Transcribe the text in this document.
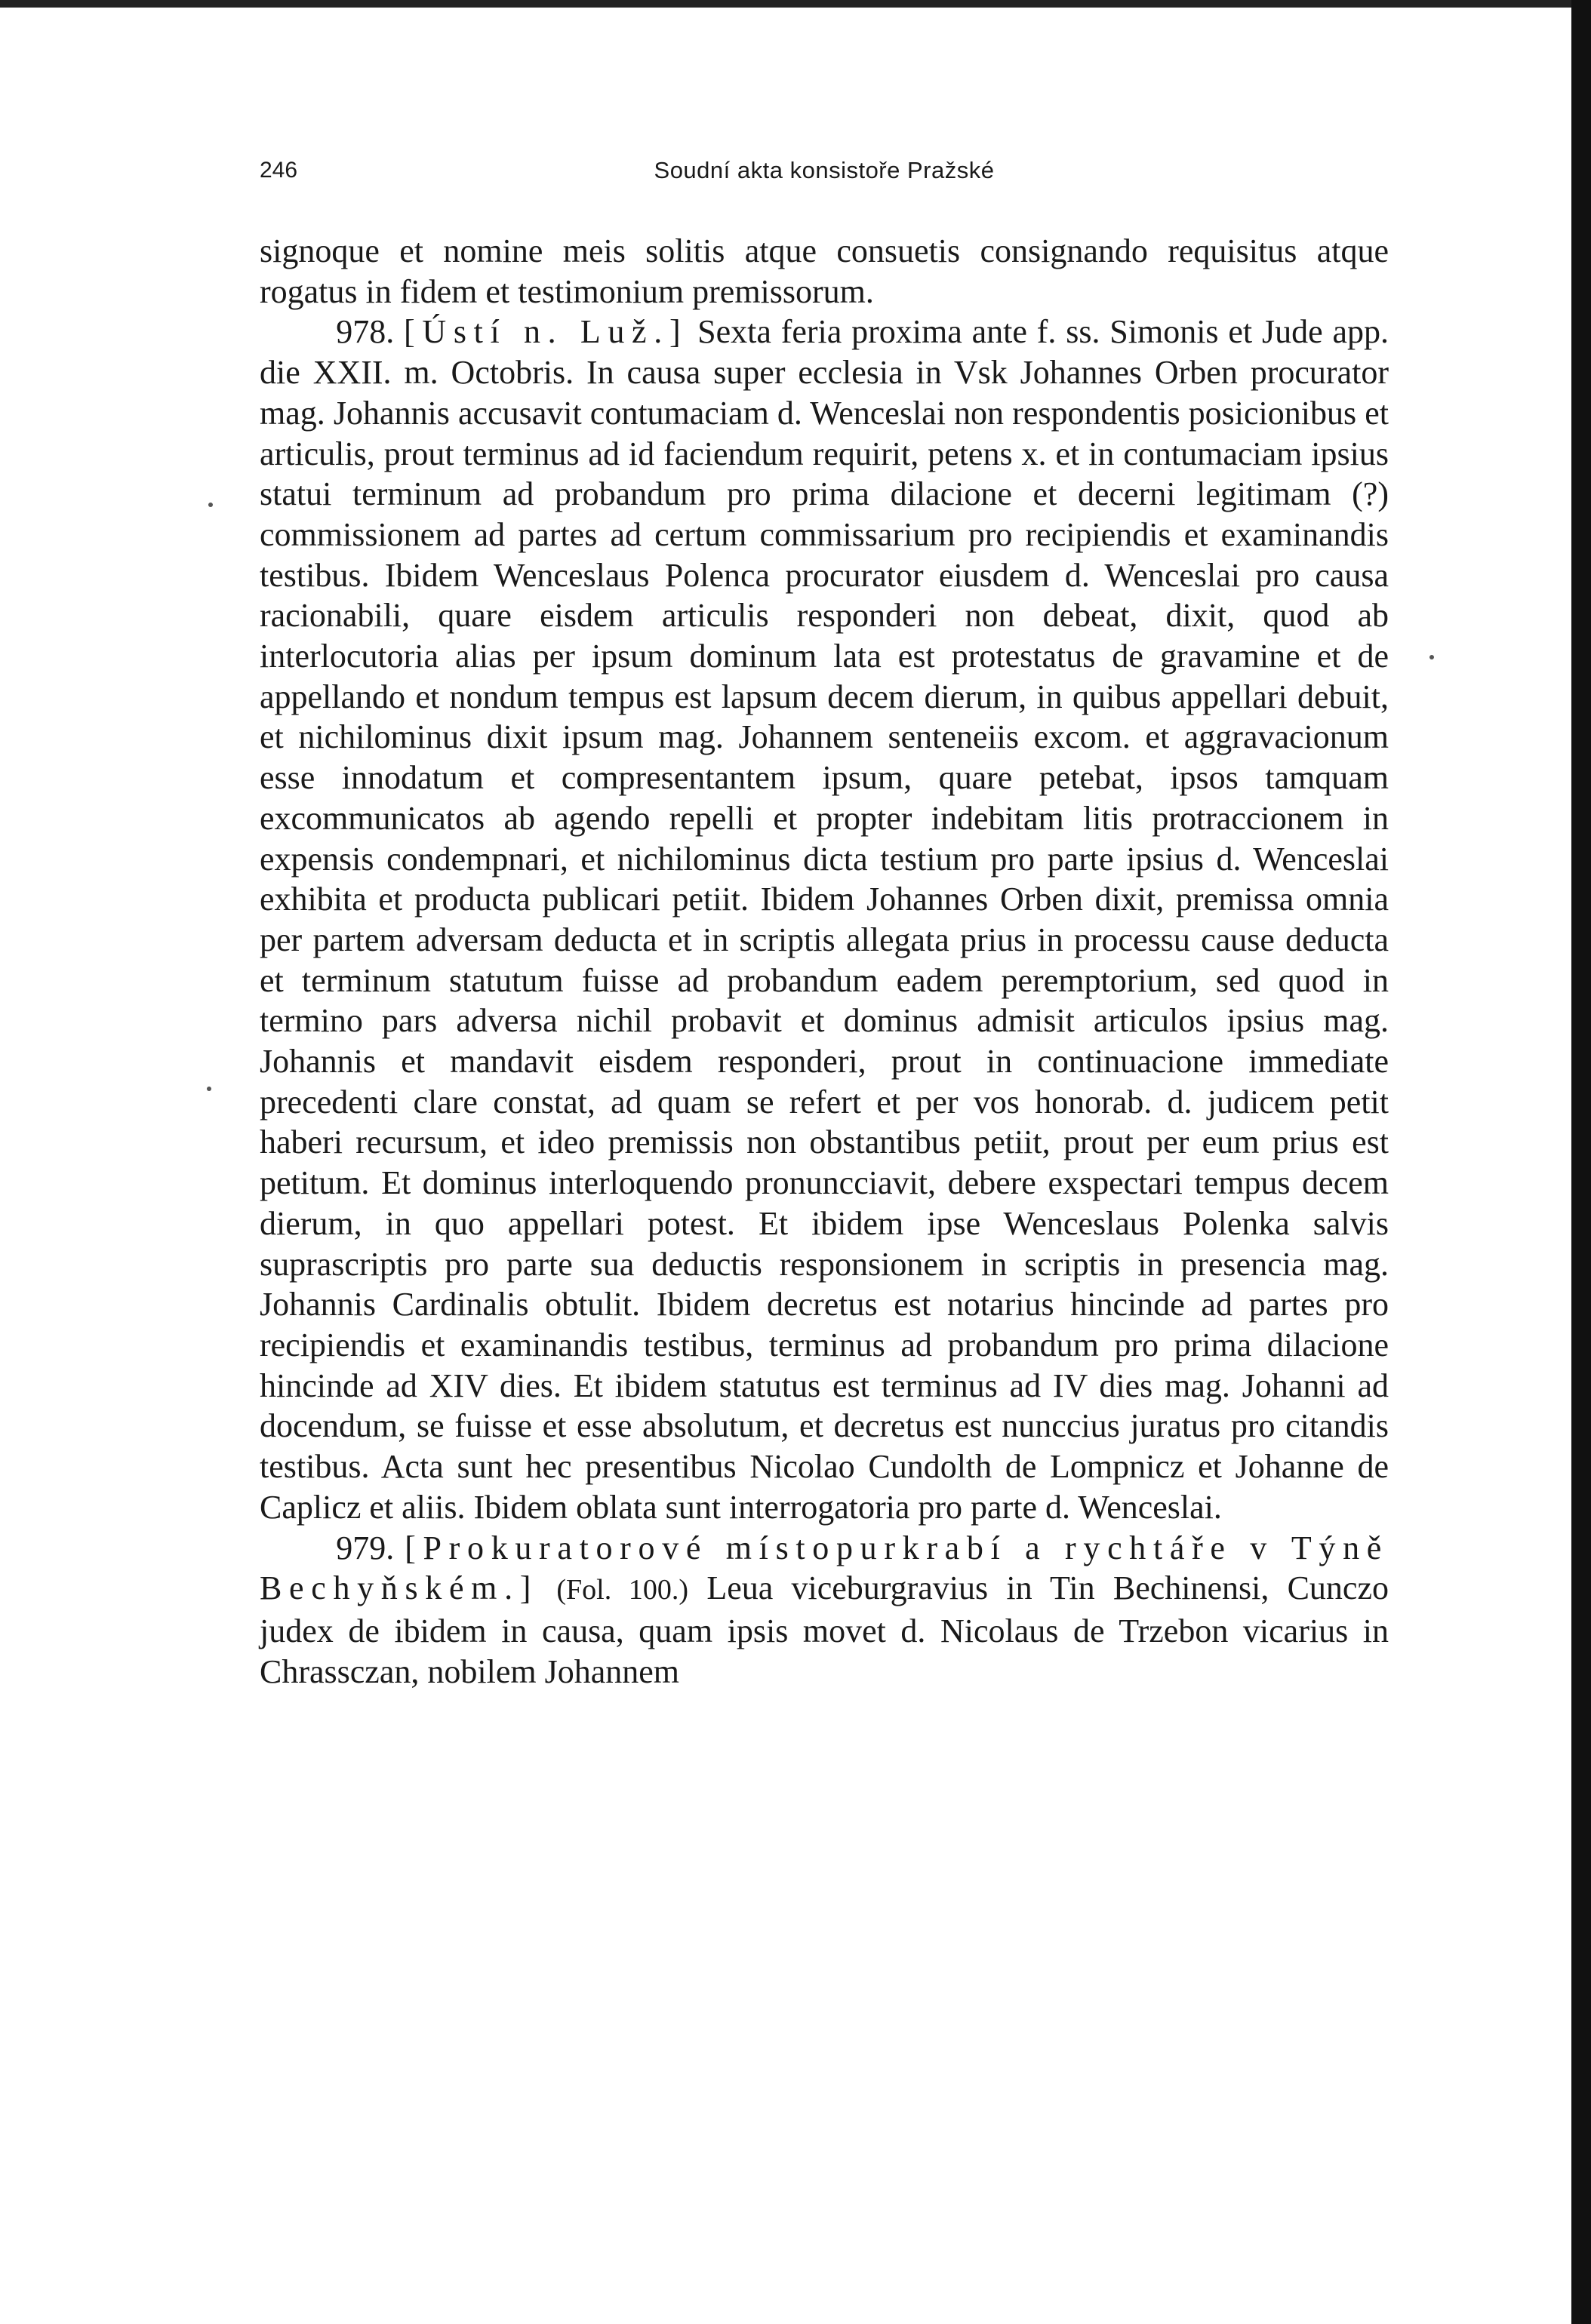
246	Soudní akta konsistoře Pražské

signoque et nomine meis solitis atque consuetis consignando requisitus atque rogatus in fidem et testimonium premissorum.

978. [Ústí n. Luž.] Sexta feria proxima ante f. ss. Simonis et Jude app. die XXII. m. Octobris. In causa super ecclesia in Vsk Johannes Orben procurator mag. Johannis accusavit contumaciam d. Wenceslai non respondentis posicionibus et articulis, prout terminus ad id faciendum requirit, petens x. et in contumaciam ipsius statui terminum ad probandum pro prima dilacione et decerni legitimam (?) commissionem ad partes ad certum commissarium pro recipiendis et examinandis testibus. Ibidem Wenceslaus Polenca procurator eiusdem d. Wenceslai pro causa racionabili, quare eisdem articulis responderi non debeat, dixit, quod ab interlocutoria alias per ipsum dominum lata est protestatus de gravamine et de appellando et nondum tempus est lapsum decem dierum, in quibus appellari debuit, et nichilominus dixit ipsum mag. Johannem senteneiis excom. et aggravacionum esse innodatum et compresentantem ipsum, quare petebat, ipsos tamquam excommunicatos ab agendo repelli et propter indebitam litis protraccionem in expensis condempnari, et nichilominus dicta testium pro parte ipsius d. Wenceslai exhibita et producta publicari petiit. Ibidem Johannes Orben dixit, premissa omnia per partem adversam deducta et in scriptis allegata prius in processu cause deducta et terminum statutum fuisse ad probandum eadem peremptorium, sed quod in termino pars adversa nichil probavit et dominus admisit articulos ipsius mag. Johannis et mandavit eisdem responderi, prout in continuacione immediate precedenti clare constat, ad quam se refert et per vos honorab. d. judicem petit haberi recursum, et ideo premissis non obstantibus petiit, prout per eum prius est petitum. Et dominus interloquendo pronuncciavit, debere exspectari tempus decem dierum, in quo appellari potest. Et ibidem ipse Wenceslaus Polenka salvis suprascriptis pro parte sua deductis responsionem in scriptis in presencia mag. Johannis Cardinalis obtulit. Ibidem decretus est notarius hincinde ad partes pro recipiendis et examinandis testibus, terminus ad probandum pro prima dilacione hincinde ad XIV dies. Et ibidem statutus est terminus ad IV dies mag. Johanni ad docendum, se fuisse et esse absolutum, et decretus est nunccius juratus pro citandis testibus. Acta sunt hec presentibus Nicolao Cundolth de Lompnicz et Johanne de Caplicz et aliis. Ibidem oblata sunt interrogatoria pro parte d. Wenceslai.

979. [Prokuratorové místopurkrabí a rychtáře v Týně Bechyňském.] (Fol. 100.) Leua viceburgravius in Tin Bechinensi, Cunczo judex de ibidem in causa, quam ipsis movet d. Nicolaus de Trzebon vicarius in Chrassczan, nobilem Johannem
